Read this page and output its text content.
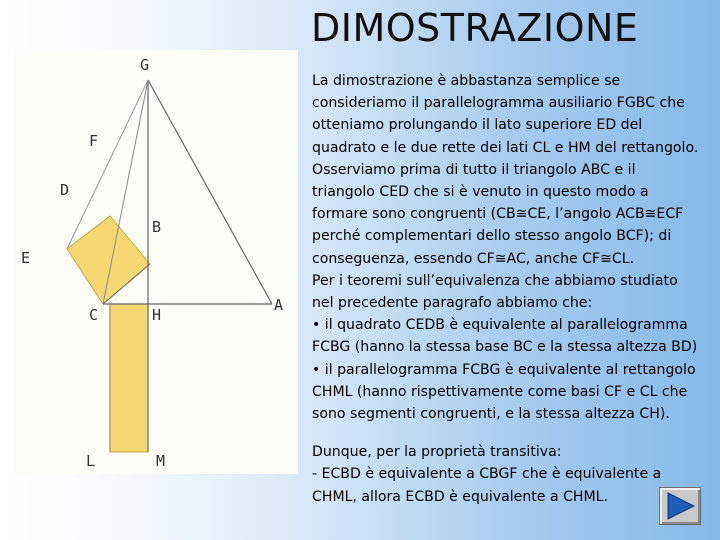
DIMOSTRAZIONE
G
F
D
B
E
C	H
A
L	M

La dimostrazione è abbastanza semplice se
consideriamo il parallelogramma ausiliario FGBC che
otteniamo prolungando il lato superiore ED del
quadrato e le due rette dei lati CL e HM del rettangolo.
Osserviamo prima di tutto il triangolo ABC e il
triangolo CED che si è venuto in questo modo a
formare sono congruenti (CB≅CE, l’angolo ACB≅ECF
perché complementari dello stesso angolo BCF); di
conseguenza, essendo CF≅AC, anche CF≅CL.
Per i teoremi sull’equivalenza che abbiamo studiato
nel precedente paragrafo abbiamo che:
• il quadrato CEDB è equivalente al parallelogramma
FCBG (hanno la stessa base BC e la stessa altezza BD)
• il parallelogramma FCBG è equivalente al rettangolo
CHML (hanno rispettivamente come basi CF e CL che
sono segmenti congruenti, e la stessa altezza CH).

Dunque, per la proprietà transitiva:
- ECBD è equivalente a CBGF che è equivalente a
CHML, allora ECBD è equivalente a CHML.
